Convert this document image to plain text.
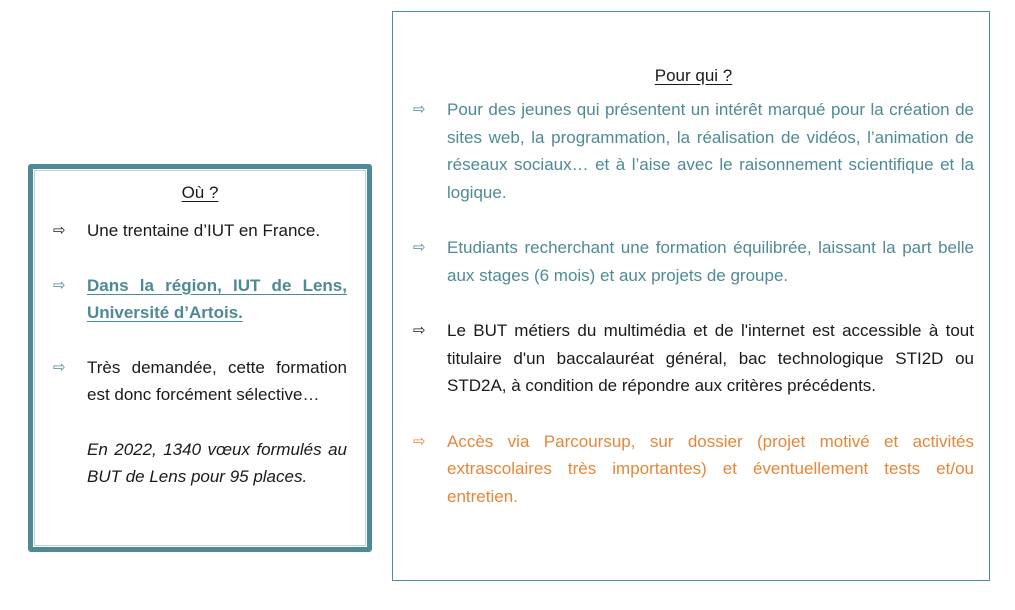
Où ?
⇨	Une trentaine d’IUT en France.
⇨	Dans la région, IUT de Lens, Université d’Artois.
⇨	Très demandée, cette formation est donc forcément sélective…
En 2022, 1340 vœux formulés au BUT de Lens pour 95 places.
Pour qui ?
⇨	Pour des jeunes qui présentent un intérêt marqué pour la création de sites web, la programmation, la réalisation de vidéos, l’animation de réseaux sociaux… et à l’aise avec le raisonnement scientifique et la logique.
⇨	Etudiants recherchant une formation équilibrée, laissant la part belle aux stages (6 mois) et aux projets de groupe.
⇨	Le BUT métiers du multimédia et de l'internet est accessible à tout titulaire d'un baccalauréat général, bac technologique STI2D ou STD2A, à condition de répondre aux critères précédents.
⇨	Accès via Parcoursup, sur dossier (projet motivé et activités extrascolaires très importantes) et éventuellement tests et/ou entretien.
